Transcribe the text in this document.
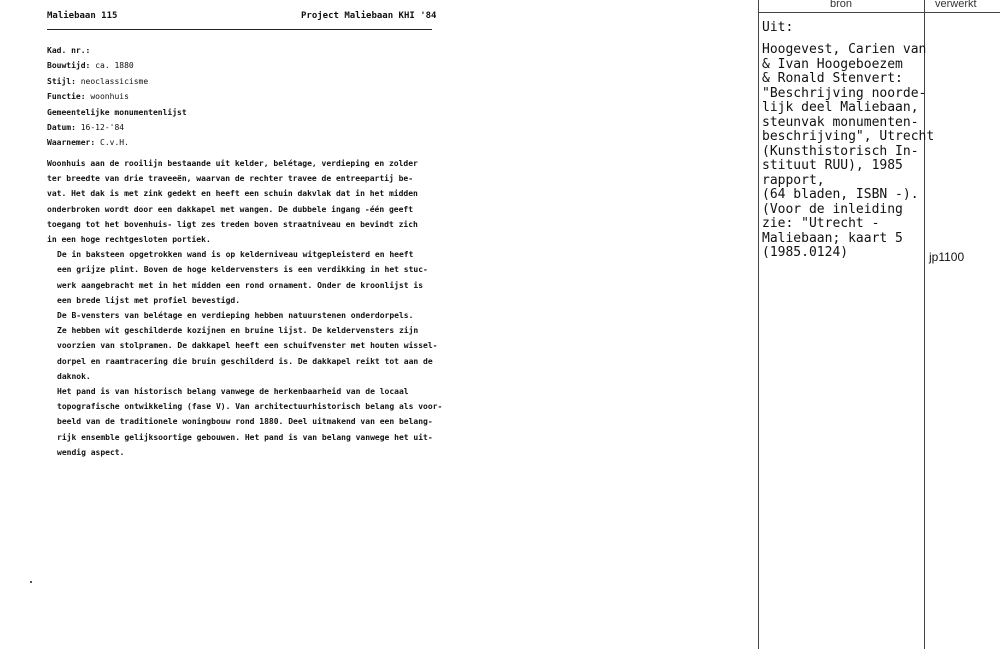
Maliebaan 115	Project Maliebaan KHI '84
Kad. nr.:
Bouwtijd: ca. 1880
Stijl: neoclassicisme
Functie: woonhuis
Gemeentelijke monumentenlijst
Datum: 16-12-'84
Waarnemer: C.v.H.

Woonhuis aan de rooilijn bestaande uit kelder, belétage, verdieping en zolder
ter breedte van drie traveeën, waarvan de rechter travee de entreepartij be-
vat. Het dak is met zink gedekt en heeft een schuin dakvlak dat in het midden
onderbroken wordt door een dakkapel met wangen. De dubbele ingang -één geeft
toegang tot het bovenhuis- ligt zes treden boven straatniveau en bevindt zich
in een hoge rechtgesloten portiek.

De in baksteen opgetrokken wand is op kelderniveau witgepleisterd en heeft
een grijze plint. Boven de hoge keldervensters is een verdikking in het stuc-
werk aangebracht met in het midden een rond ornament. Onder de kroonlijst is
een brede lijst met profiel bevestigd.

De B-vensters van belétage en verdieping hebben natuurstenen onderdorpels.
Ze hebben wit geschilderde kozijnen en bruine lijst. De keldervensters zijn
voorzien van stolpramen. De dakkapel heeft een schuifvenster met houten wissel-
dorpel en raamtracering die bruin geschilderd is. De dakkapel reikt tot aan de
daknok.

Het pand is van historisch belang vanwege de herkenbaarheid van de locaal
topografische ontwikkeling (fase V). Van architectuurhistorisch belang als voor-
beeld van de traditionele woningbouw rond 1880. Deel uitmakend van een belang-
rijk ensemble gelijksoortige gebouwen. Het pand is van belang vanwege het uit-
wendig aspect.

bron	verwerkt
Uit:
Hoogevest, Carien van
& Ivan Hoogeboezem
& Ronald Stenvert:
"Beschrijving noorde-
lijk deel Maliebaan,
steunvak monumenten-
beschrijving", Utrecht
(Kunsthistorisch In-
stituut RUU), 1985
rapport,
(64 bladen, ISBN -).
(Voor de inleiding
zie: "Utrecht -
Maliebaan; kaart 5
(1985.0124)	jp1100
